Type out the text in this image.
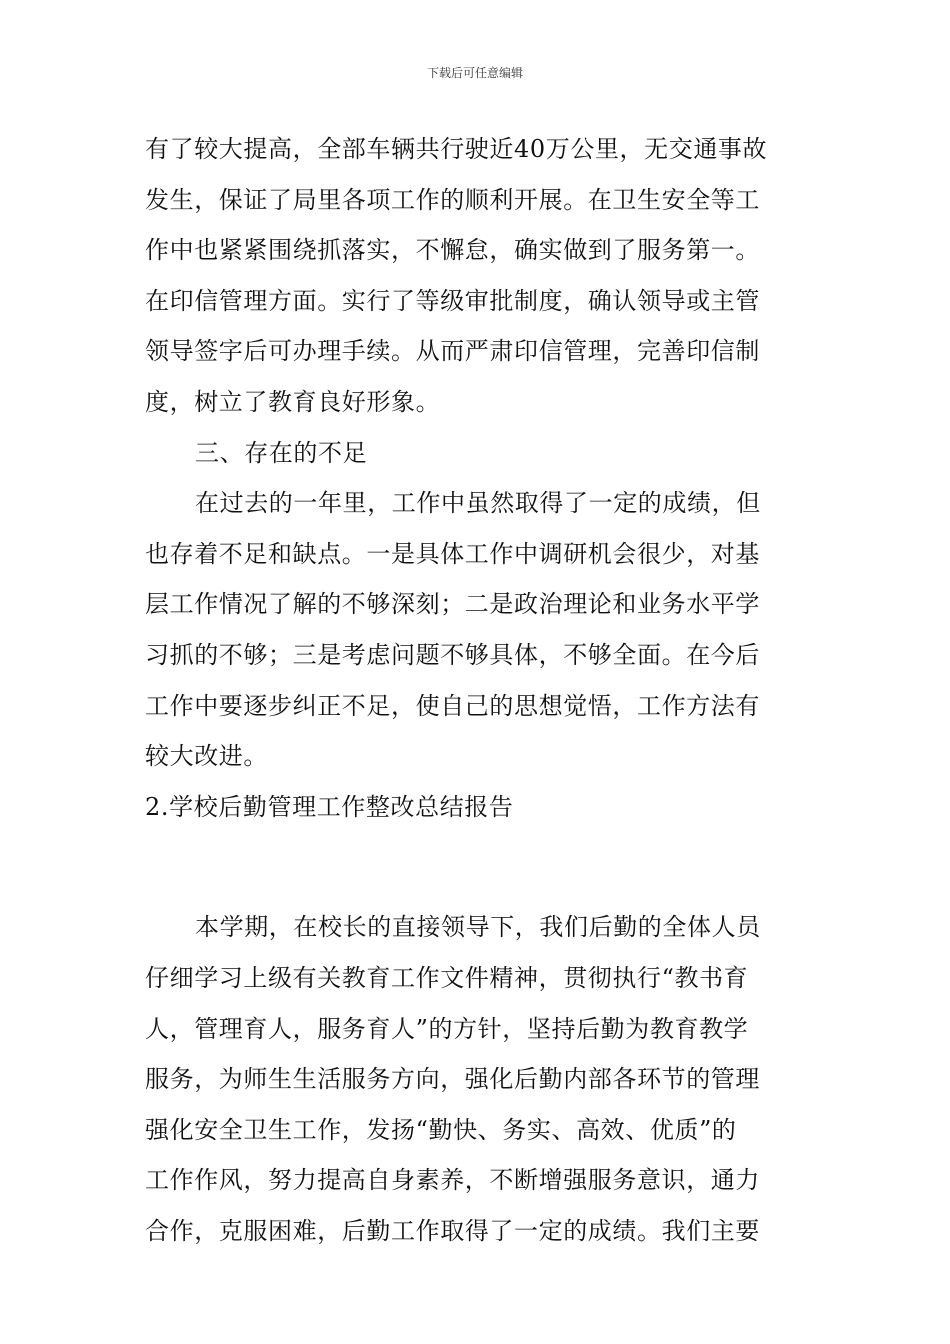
下载后可任意编辑
有了较大提高，全部车辆共行驶近40万公里，无交通事故
发生，保证了局里各项工作的顺利开展。在卫生安全等工
作中也紧紧围绕抓落实，不懈怠，确实做到了服务第一。
在印信管理方面。实行了等级审批制度，确认领导或主管
领导签字后可办理手续。从而严肃印信管理，完善印信制
度，树立了教育良好形象。
三、存在的不足
在过去的一年里，工作中虽然取得了一定的成绩，但
也存着不足和缺点。一是具体工作中调研机会很少，对基
层工作情况了解的不够深刻；二是政治理论和业务水平学
习抓的不够；三是考虑问题不够具体，不够全面。在今后
工作中要逐步纠正不足，使自己的思想觉悟，工作方法有
较大改进。
2.学校后勤管理工作整改总结报告
本学期，在校长的直接领导下，我们后勤的全体人员
仔细学习上级有关教育工作文件精神，贯彻执行“教书育
人，管理育人，服务育人”的方针，坚持后勤为教育教学
服务，为师生生活服务方向，强化后勤内部各环节的管理
强化安全卫生工作，发扬“勤快、务实、高效、优质”的
工作作风，努力提高自身素养，不断增强服务意识，通力
合作，克服困难，后勤工作取得了一定的成绩。我们主要
